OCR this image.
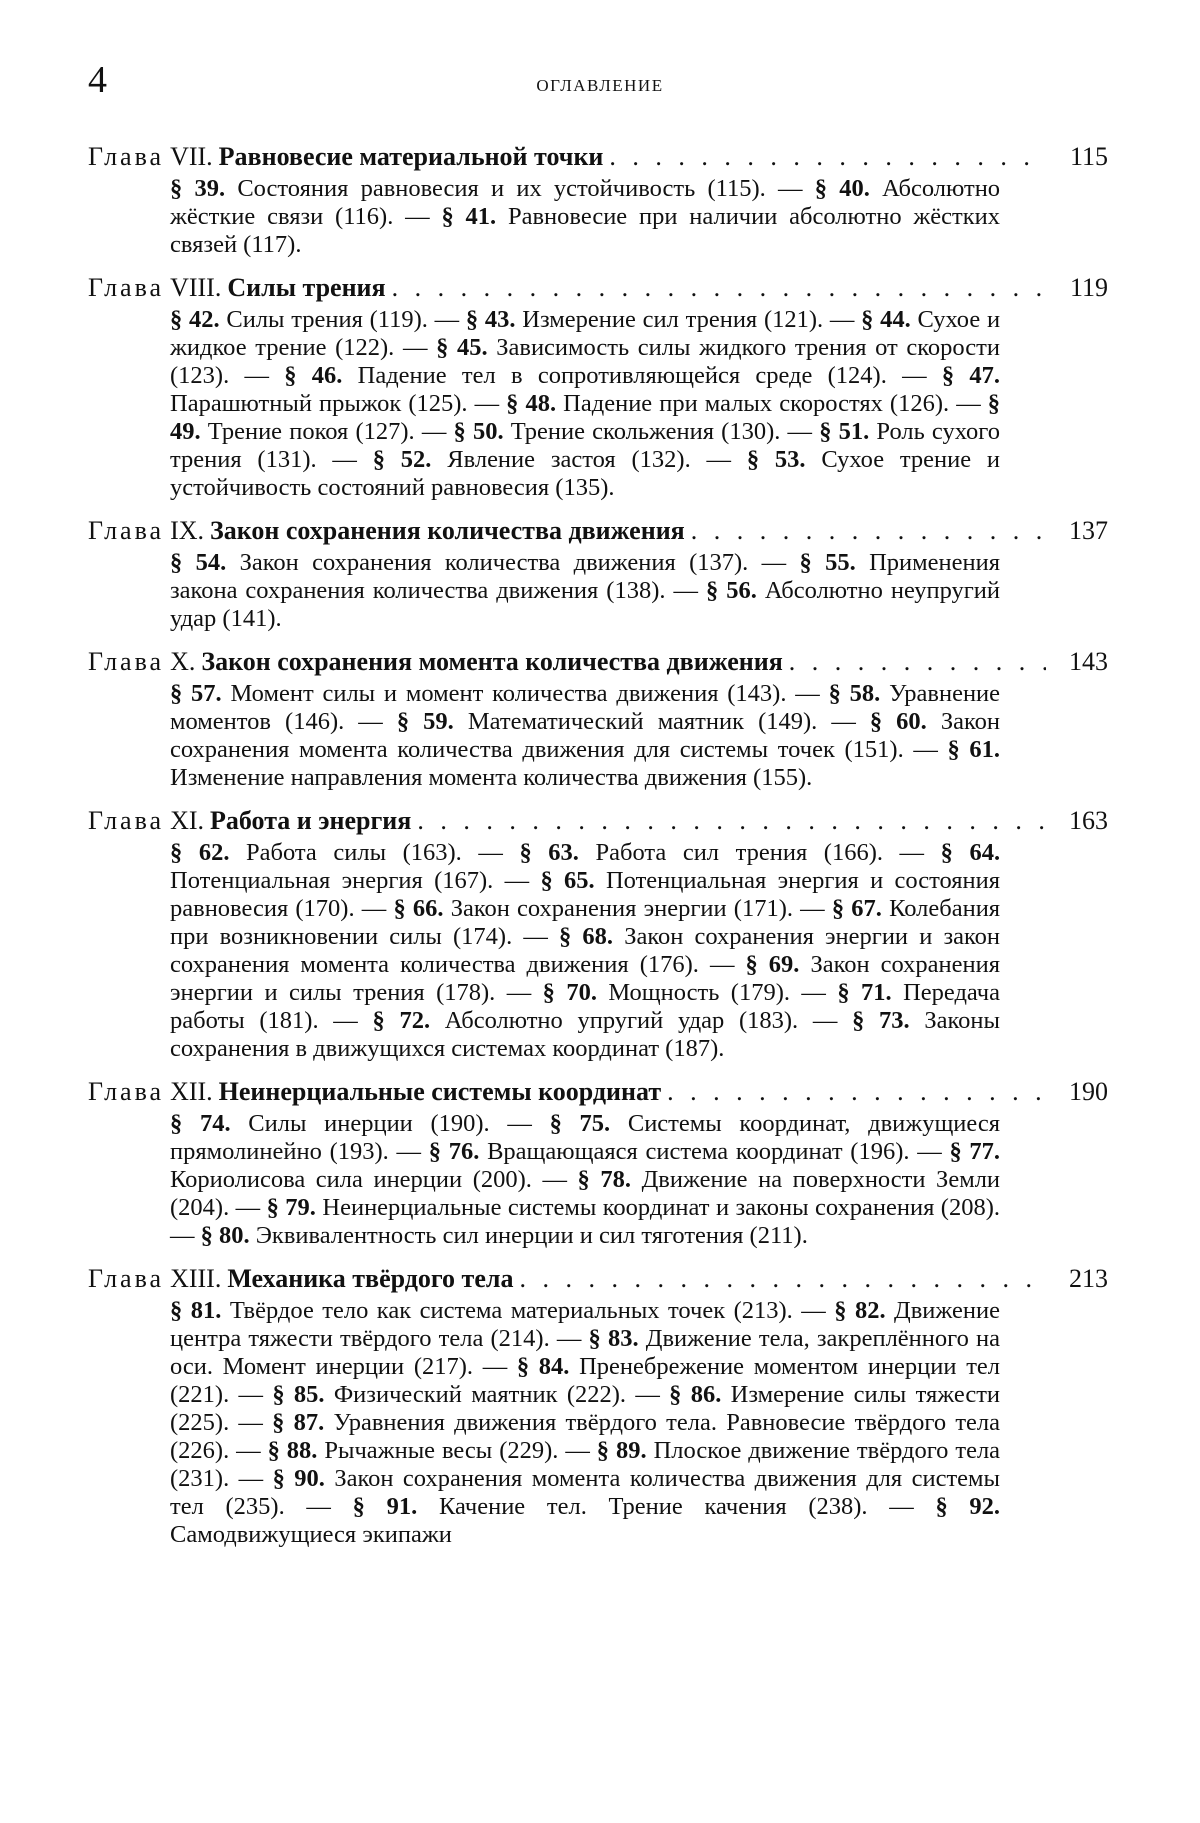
4	ОГЛАВЛЕНИЕ
Глава VII. Равновесие материальной точки . . .	115
§ 39. Состояния равновесия и их устойчивость (115). — § 40. Абсолютно жёсткие связи (116). — § 41. Равновесие при наличии абсолютно жёстких связей (117).
Глава VIII. Силы трения . . .	119
§ 42. Силы трения (119). — § 43. Измерение сил трения (121). — § 44. Сухое и жидкое трение (122). — § 45. Зависимость силы жидкого трения от скорости (123). — § 46. Падение тел в сопротивляющейся среде (124). — § 47. Парашютный прыжок (125). — § 48. Падение при малых скоростях (126). — § 49. Трение покоя (127). — § 50. Трение скольжения (130). — § 51. Роль сухого трения (131). — § 52. Явление застоя (132). — § 53. Сухое трение и устойчивость состояний равновесия (135).
Глава IX. Закон сохранения количества движения . . .	137
§ 54. Закон сохранения количества движения (137). — § 55. Применения закона сохранения количества движения (138). — § 56. Абсолютно неупругий удар (141).
Глава X. Закон сохранения момента количества движения . . .	143
§ 57. Момент силы и момент количества движения (143). — § 58. Уравнение моментов (146). — § 59. Математический маятник (149). — § 60. Закон сохранения момента количества движения для системы точек (151). — § 61. Изменение направления момента количества движения (155).
Глава XI. Работа и энергия . . .	163
§ 62. Работа силы (163). — § 63. Работа сил трения (166). — § 64. Потенциальная энергия (167). — § 65. Потенциальная энергия и состояния равновесия (170). — § 66. Закон сохранения энергии (171). — § 67. Колебания при возникновении силы (174). — § 68. Закон сохранения энергии и закон сохранения момента количества движения (176). — § 69. Закон сохранения энергии и силы трения (178). — § 70. Мощность (179). — § 71. Передача работы (181). — § 72. Абсолютно упругий удар (183). — § 73. Законы сохранения в движущихся системах координат (187).
Глава XII. Неинерциальные системы координат . . .	190
§ 74. Силы инерции (190). — § 75. Системы координат, движущиеся прямолинейно (193). — § 76. Вращающаяся система координат (196). — § 77. Кориолисова сила инерции (200). — § 78. Движение на поверхности Земли (204). — § 79. Неинерциальные системы координат и законы сохранения (208). — § 80. Эквивалентность сил инерции и сил тяготения (211).
Глава XIII. Механика твёрдого тела . . .	213
§ 81. Твёрдое тело как система материальных точек (213). — § 82. Движение центра тяжести твёрдого тела (214). — § 83. Движение тела, закреплённого на оси. Момент инерции (217). — § 84. Пренебрежение моментом инерции тел (221). — § 85. Физический маятник (222). — § 86. Измерение силы тяжести (225). — § 87. Уравнения движения твёрдого тела. Равновесие твёрдого тела (226). — § 88. Рычажные весы (229). — § 89. Плоское движение твёрдого тела (231). — § 90. Закон сохранения момента количества движения для системы тел (235). — § 91. Качение тел. Трение качения (238). — § 92. Самодвижущиеся экипажи
